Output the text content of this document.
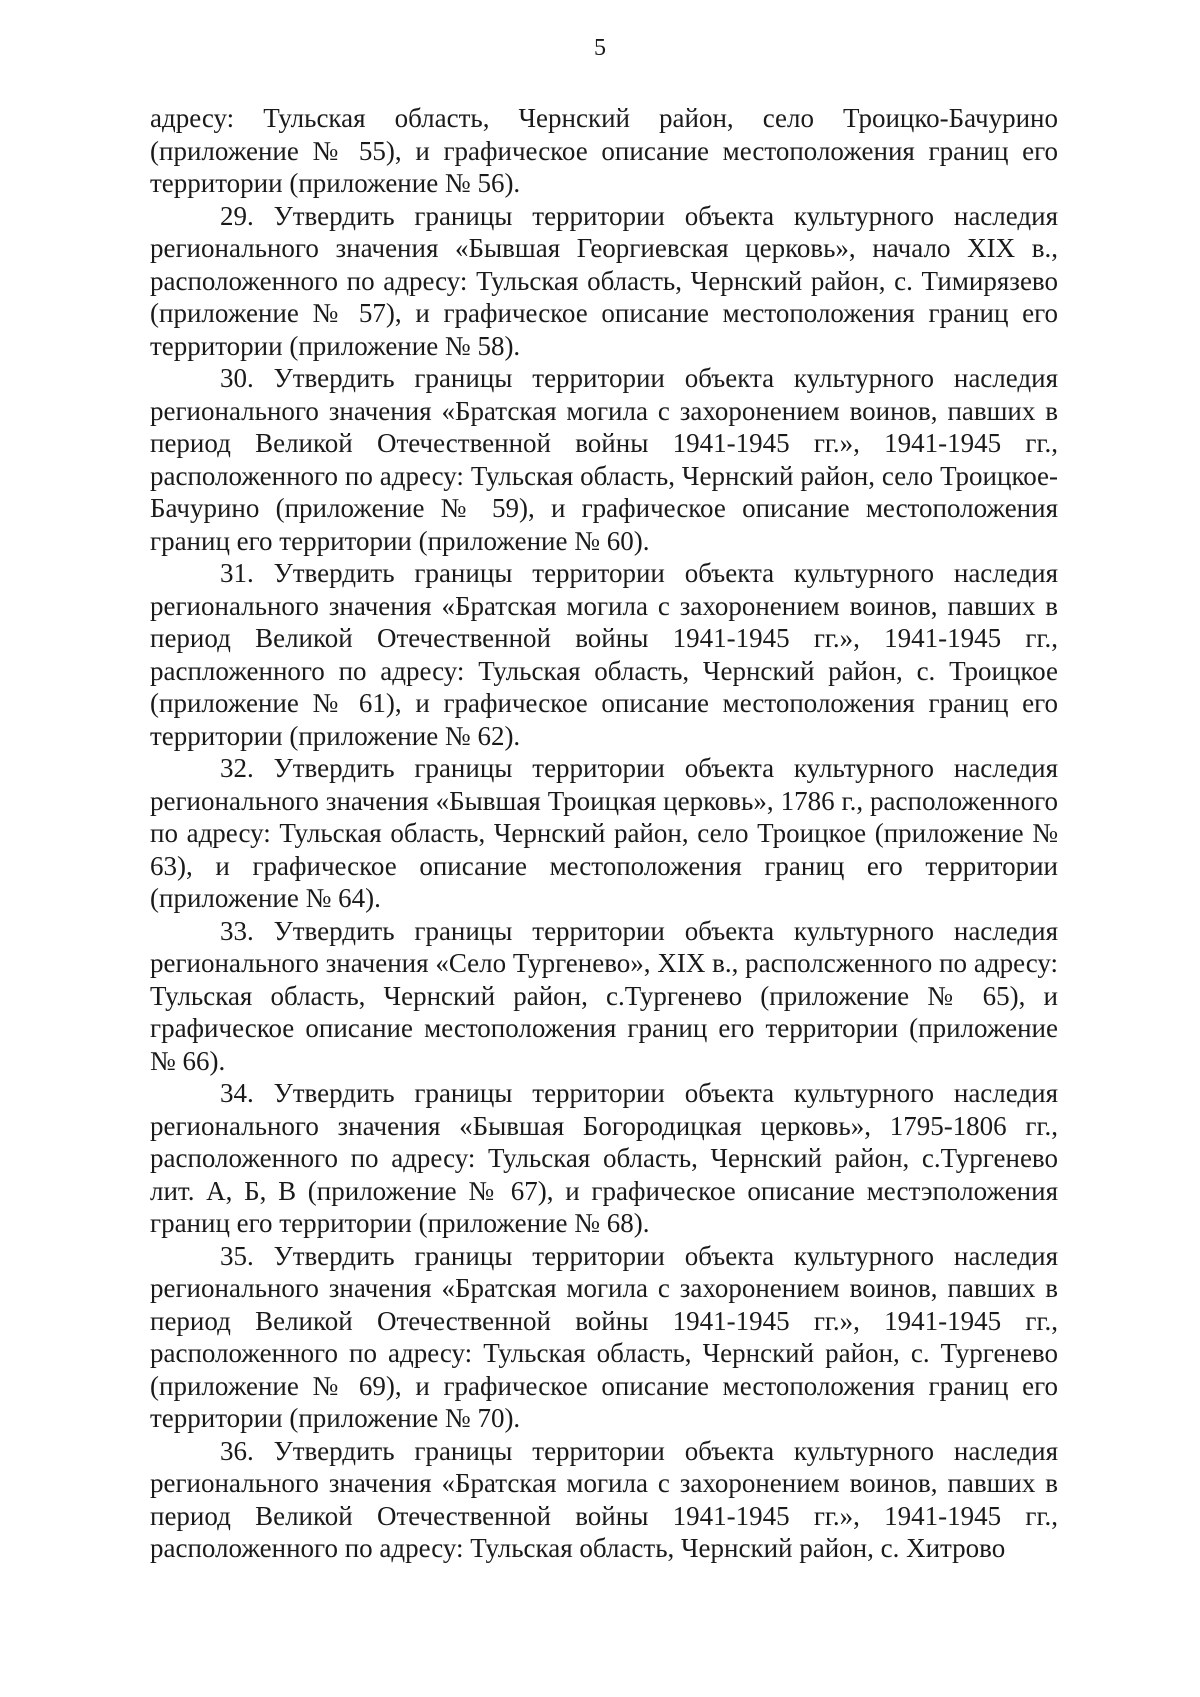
5

адресу: Тульская область, Чернский район, село Троицко-Бачурино (приложение № 55), и графическое описание местоположения границ его территории (приложение № 56).

29. Утвердить границы территории объекта культурного наследия регионального значения «Бывшая Георгиевская церковь», начало XIX в., расположенного по адресу: Тульская область, Чернский район, с. Тимирязево (приложение № 57), и графическое описание местоположения границ его территории (приложение № 58).

30. Утвердить границы территории объекта культурного наследия регионального значения «Братская могила с захоронением воинов, павших в период Великой Отечественной войны 1941-1945 гг.», 1941-1945 гг., расположенного по адресу: Тульская область, Чернский район, село Троицкое-Бачурино (приложение № 59), и графическое описание местоположения границ его территории (приложение № 60).

31. Утвердить границы территории объекта культурного наследия регионального значения «Братская могила с захоронением воинов, павших в период Великой Отечественной войны 1941-1945 гг.», 1941-1945 гг., распложенного по адресу: Тульская область, Чернский район, с. Троицкое (приложение № 61), и графическое описание местоположения границ его территории (приложение № 62).

32. Утвердить границы территории объекта культурного наследия регионального значения «Бывшая Троицкая церковь», 1786 г., расположенного по адресу: Тульская область, Чернский район, село Троицкое (приложение № 63), и графическое описание местоположения границ его территории (приложение № 64).

33. Утвердить границы территории объекта культурного наследия регионального значения «Село Тургенево», XIX в., располсженного по адресу: Тульская область, Чернский район, с.Тургенево (приложение № 65), и графическое описание местоположения границ его территории (приложение № 66).

34. Утвердить границы территории объекта культурного наследия регионального значения «Бывшая Богородицкая церковь», 1795-1806 гг., расположенного по адресу: Тульская область, Чернский район, с.Тургенево лит. А, Б, В (приложение № 67), и графическое описание местэположения границ его территории (приложение № 68).

35. Утвердить границы территории объекта культурного наследия регионального значения «Братская могила с захоронением воинов, павших в период Великой Отечественной войны 1941-1945 гг.», 1941-1945 гг., расположенного по адресу: Тульская область, Чернский район, с. Тургенево (приложение № 69), и графическое описание местоположения границ его территории (приложение № 70).

36. Утвердить границы территории объекта культурного наследия регионального значения «Братская могила с захоронением воинов, павших в период Великой Отечественной войны 1941-1945 гг.», 1941-1945 гг., расположенного по адресу: Тульская область, Чернский район, с. Хитрово
